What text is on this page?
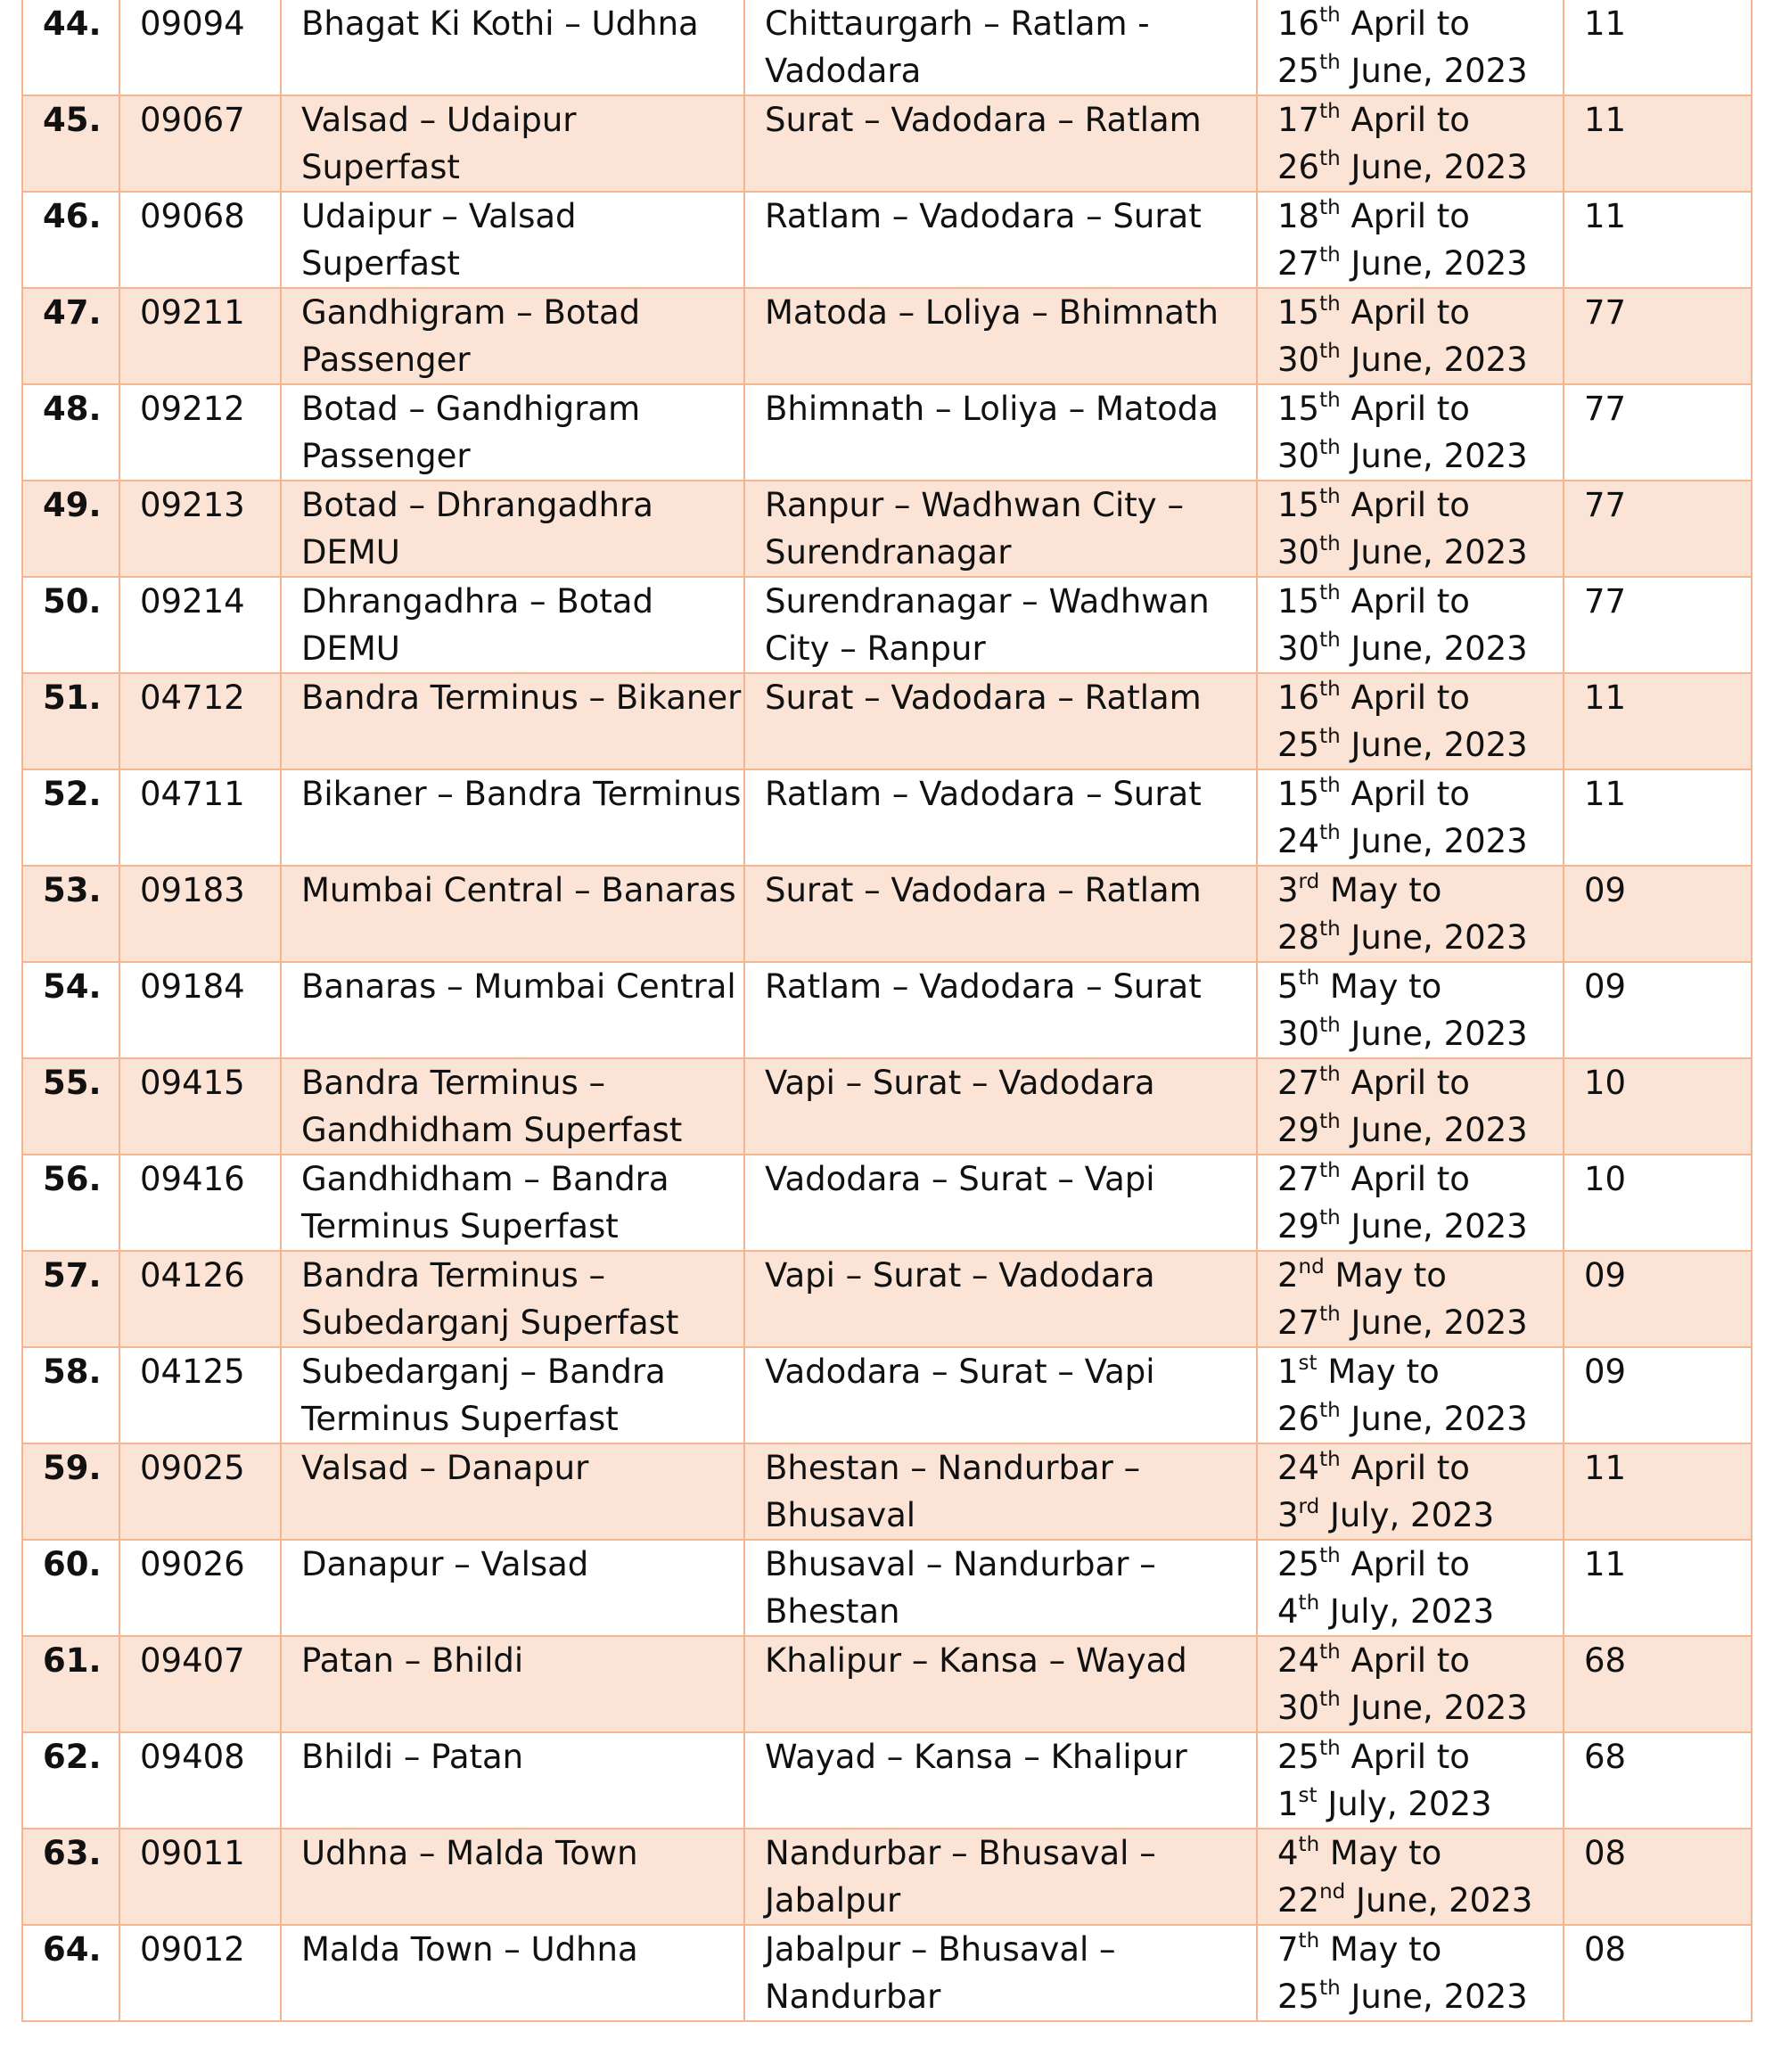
44.	09094	Bhagat Ki Kothi – Udhna	Chittaurgarh – Ratlam - Vadodara	16th April to
25th June, 2023	11
45.	09067	Valsad – Udaipur Superfast	Surat – Vadodara – Ratlam	17th April to
26th June, 2023	11
46.	09068	Udaipur – Valsad Superfast	Ratlam – Vadodara – Surat	18th April to
27th June, 2023	11
47.	09211	Gandhigram – Botad Passenger	Matoda – Loliya – Bhimnath	15th April to
30th June, 2023	77
48.	09212	Botad – Gandhigram Passenger	Bhimnath – Loliya – Matoda	15th April to
30th June, 2023	77
49.	09213	Botad – Dhrangadhra DEMU	Ranpur – Wadhwan City – Surendranagar	15th April to
30th June, 2023	77
50.	09214	Dhrangadhra – Botad DEMU	Surendranagar – Wadhwan City – Ranpur	15th April to
30th June, 2023	77
51.	04712	Bandra Terminus – Bikaner	Surat – Vadodara – Ratlam	16th April to
25th June, 2023	11
52.	04711	Bikaner – Bandra Terminus	Ratlam – Vadodara – Surat	15th April to
24th June, 2023	11
53.	09183	Mumbai Central – Banaras	Surat – Vadodara – Ratlam	3rd May to
28th June, 2023	09
54.	09184	Banaras – Mumbai Central	Ratlam – Vadodara – Surat	5th May to
30th June, 2023	09
55.	09415	Bandra Terminus – Gandhidham Superfast	Vapi – Surat – Vadodara	27th April to
29th June, 2023	10
56.	09416	Gandhidham – Bandra Terminus Superfast	Vadodara – Surat – Vapi	27th April to
29th June, 2023	10
57.	04126	Bandra Terminus – Subedarganj Superfast	Vapi – Surat – Vadodara	2nd May to
27th June, 2023	09
58.	04125	Subedarganj – Bandra Terminus Superfast	Vadodara – Surat – Vapi	1st May to
26th June, 2023	09
59.	09025	Valsad – Danapur	Bhestan – Nandurbar – Bhusaval	24th April to
3rd July, 2023	11
60.	09026	Danapur – Valsad	Bhusaval – Nandurbar – Bhestan	25th April to
4th July, 2023	11
61.	09407	Patan – Bhildi	Khalipur – Kansa – Wayad	24th April to
30th June, 2023	68
62.	09408	Bhildi – Patan	Wayad – Kansa – Khalipur	25th April to
1st July, 2023	68
63.	09011	Udhna – Malda Town	Nandurbar – Bhusaval – Jabalpur	4th May to
22nd June, 2023	08
64.	09012	Malda Town – Udhna	Jabalpur – Bhusaval – Nandurbar	7th May to
25th June, 2023	08
